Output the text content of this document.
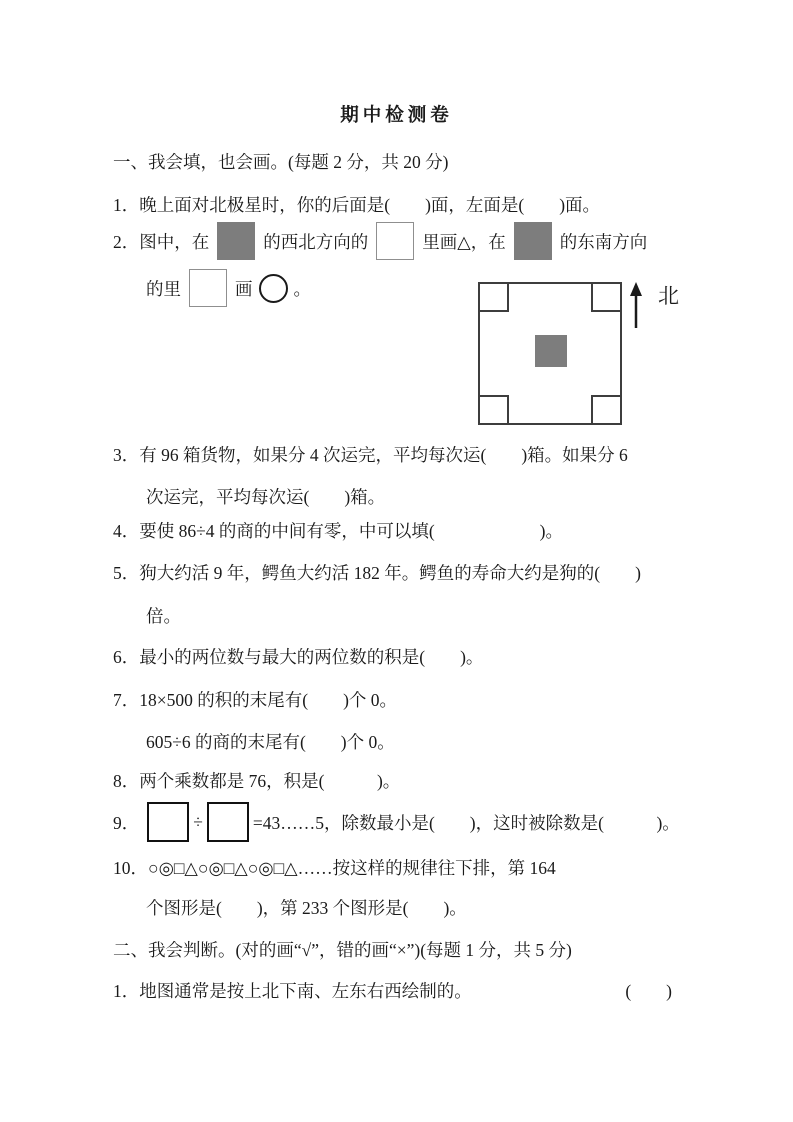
期中检测卷
一、我会填，也会画。(每题 2 分，共 20 分)
1．晚上面对北极星时，你的后面是(　　)面，左面是(　　)面。
2．图中，在	的西北方向的	里画△，在	的东南方向
的里	画 。	北
3．有 96 箱货物，如果分 4 次运完，平均每次运(　　)箱。如果分 6
次运完，平均每次运(　　)箱。
4．要使 86÷4 的商的中间有零，中可以填(　　　　　　)。
5．狗大约活 9 年，鳄鱼大约活 182 年。鳄鱼的寿命大约是狗的(　　)
倍。
6．最小的两位数与最大的两位数的积是(　　)。
7．18×500 的积的末尾有(　　)个 0。
605÷6 的商的末尾有(　　)个 0。
8．两个乘数都是 76，积是(　　　)。
9．	÷	=43……5，除数最小是(　　)，这时被除数是(　　　)。
10．○◎□△○◎□△○◎□△……按这样的规律往下排，第 164
个图形是(　　)，第 233 个图形是(　　)。
二、我会判断。(对的画“√”，错的画“×”)(每题 1 分，共 5 分)
1．地图通常是按上北下南、左东右西绘制的。	(　　)
